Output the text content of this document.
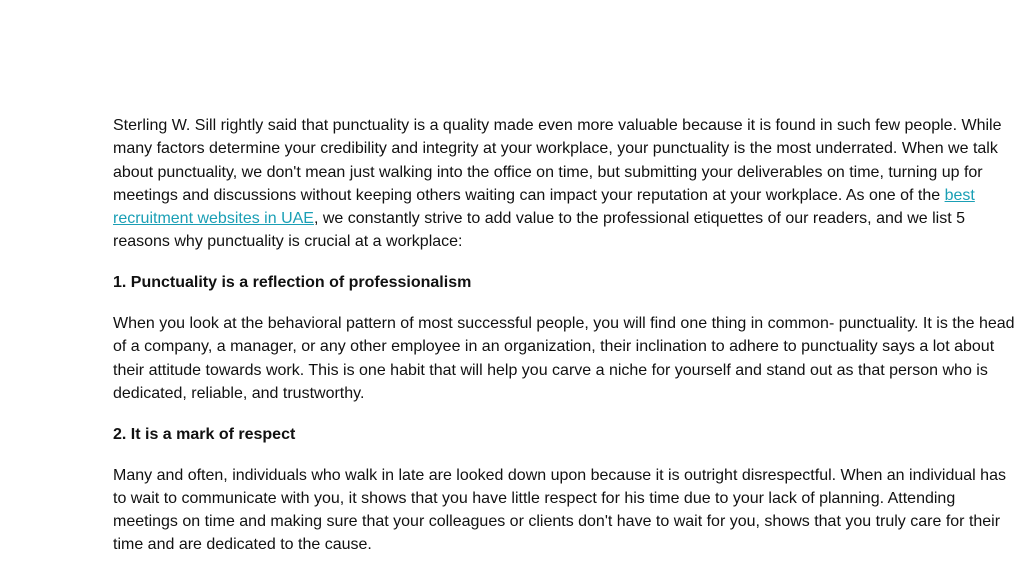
Sterling W. Sill rightly said that punctuality is a quality made even more valuable because it is found in such few people. While many factors determine your credibility and integrity at your workplace, your punctuality is the most underrated. When we talk about punctuality, we don't mean just walking into the office on time, but submitting your deliverables on time, turning up for meetings and discussions without keeping others waiting can impact your reputation at your workplace. As one of the best recruitment websites in UAE, we constantly strive to add value to the professional etiquettes of our readers, and we list 5 reasons why punctuality is crucial at a workplace:

1. Punctuality is a reflection of professionalism

When you look at the behavioral pattern of most successful people, you will find one thing in common- punctuality. It is the head of a company, a manager, or any other employee in an organization, their inclination to adhere to punctuality says a lot about their attitude towards work. This is one habit that will help you carve a niche for yourself and stand out as that person who is dedicated, reliable, and trustworthy.

2. It is a mark of respect

Many and often, individuals who walk in late are looked down upon because it is outright disrespectful. When an individual has to wait to communicate with you, it shows that you have little respect for his time due to your lack of planning. Attending meetings on time and making sure that your colleagues or clients don't have to wait for you, shows that you truly care for their time and are dedicated to the cause.
